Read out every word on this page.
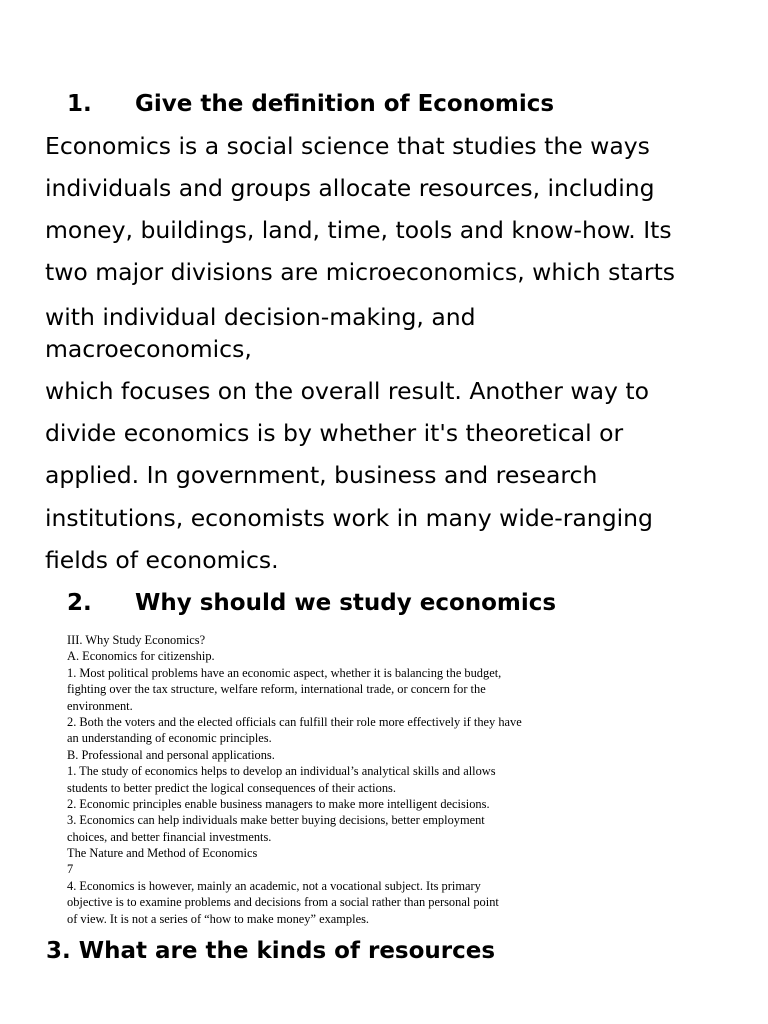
1. Give the definition of Economics
Economics is a social science that studies the ways
individuals and groups allocate resources, including
money, buildings, land, time, tools and know-how. Its
two major divisions are microeconomics, which starts
with individual decision-making, and
macroeconomics,
which focuses on the overall result. Another way to
divide economics is by whether it's theoretical or
applied. In government, business and research
institutions, economists work in many wide-ranging
fields of economics.
2. Why should we study economics
III. Why Study Economics?
A. Economics for citizenship.
1. Most political problems have an economic aspect, whether it is balancing the budget,
fighting over the tax structure, welfare reform, international trade, or concern for the
environment.
2. Both the voters and the elected officials can fulfill their role more effectively if they have
an understanding of economic principles.
B. Professional and personal applications.
1. The study of economics helps to develop an individual’s analytical skills and allows
students to better predict the logical consequences of their actions.
2. Economic principles enable business managers to make more intelligent decisions.
3. Economics can help individuals make better buying decisions, better employment
choices, and better financial investments.
The Nature and Method of Economics
7
4. Economics is however, mainly an academic, not a vocational subject. Its primary
objective is to examine problems and decisions from a social rather than personal point
of view. It is not a series of “how to make money” examples.
3. What are the kinds of resources
